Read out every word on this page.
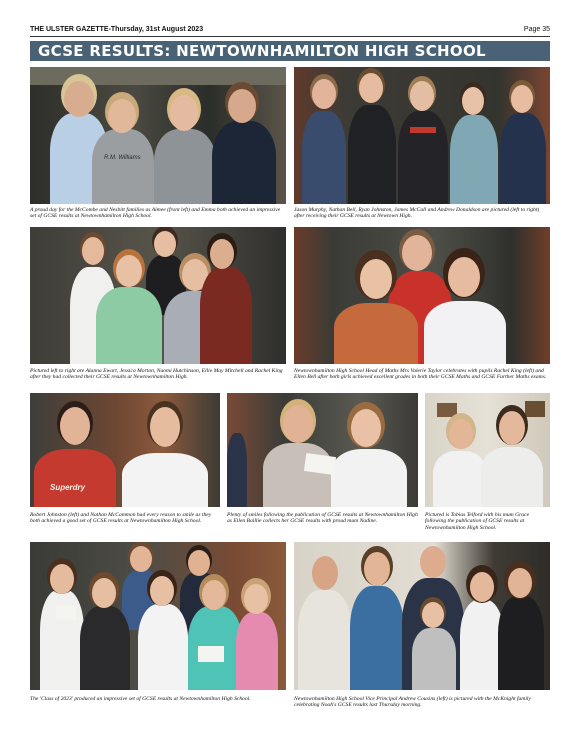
THE ULSTER GAZETTE-Thursday, 31st August 2023	Page 35
GCSE RESULTS: NEWTOWNHAMILTON HIGH SCHOOL
R.M. Williams
A proud day for the McCombe and Nesbitt families as Aimee (front left) and Emma both achieved an impressive set of GCSE results at Newtownhamilton High School.
Jason Murphy, Nathan Bell, Ryan Johnston, James McCall and Andrew Donaldson are pictured (left to right) after receiving their GCSE results at Newtown High.
Pictured left to right are Alanna Ewart, Jessica Morton, Naomi Hutchinson, Ellie May Mitchell and Rachel King after they had collected their GCSE results at Newtownhamilton High.
Newtownhamilton High School Head of Maths Mrs Valerie Taylor celebrates with pupils Rachel King (left) and Ellen Bell after both girls achieved excellent grades in both their GCSE Maths and GCSE Further Maths exams.
Superdry
Robert Johnston (left) and Nathan McCammon had every reason to smile as they both achieved a good set of GCSE results at Newtownhamilton High School.
Plenty of smiles following the publication of GCSE results at Newtownhamilton High as Ellen Baillie collects her GCSE results with proud mum Nadine.
Pictured is Tobias Telford with his mum Grace following the publication of GCSE results at Newtownhamilton High School.
The 'Class of 2023' produced an impressive set of GCSE results at Newtownhamilton High School.	Newtownhamilton High School Vice Principal Andrew Cousins (left) is pictured with the McKnight family celebrating Noah's GCSE results last Thursday morning.
